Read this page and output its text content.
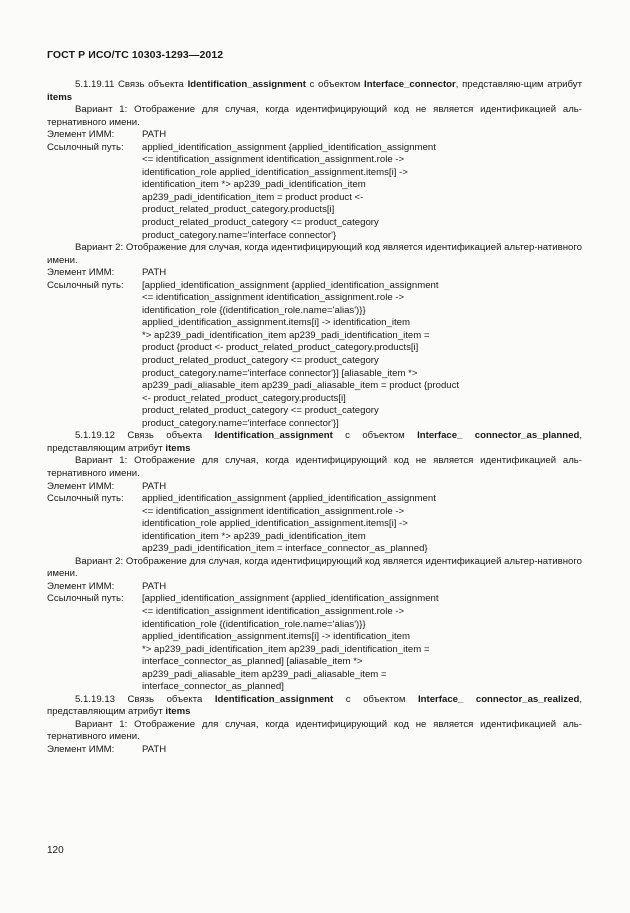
ГОСТ Р ИСО/ТС 10303-1293—2012

5.1.19.11 Связь объекта Identification_assignment с объектом Interface_connector, представляю-щим атрибут items

Вариант 1: Отображение для случая, когда идентифицирующий код не является идентификацией аль-тернативного имени.

Элемент ИММ:	PATH
Ссылочный путь:	applied_identification_assignment {applied_identification_assignment
<= identification_assignment identification_assignment.role ->
identification_role applied_identification_assignment.items[i] ->
identification_item *> ap239_padi_identification_item
ap239_padi_identification_item = product product <-
product_related_product_category.products[i]
product_related_product_category <= product_category
product_category.name='interface connector'}

Вариант 2: Отображение для случая, когда идентифицирующий код является идентификацией альтер-нативного имени.

Элемент ИММ:	PATH
Ссылочный путь:	[applied_identification_assignment {applied_identification_assignment
<= identification_assignment identification_assignment.role ->
identification_role {(identification_role.name='alias')}}
applied_identification_assignment.items[i] -> identification_item
*> ap239_padi_identification_item ap239_padi_identification_item =
product {product <- product_related_product_category.products[i]
product_related_product_category <= product_category
product_category.name='interface connector'}] [aliasable_item *>
ap239_padi_aliasable_item ap239_padi_aliasable_item = product {product
<- product_related_product_category.products[i]
product_related_product_category <= product_category
product_category.name='interface connector'}]

5.1.19.12 Связь объекта Identification_assignment с объектом Interface_ connector_as_planned, представляющим атрибут items

Вариант 1: Отображение для случая, когда идентифицирующий код не является идентификацией аль-тернативного имени.

Элемент ИММ:	PATH
Ссылочный путь:	applied_identification_assignment {applied_identification_assignment
<= identification_assignment identification_assignment.role ->
identification_role applied_identification_assignment.items[i] ->
identification_item *> ap239_padi_identification_item
ap239_padi_identification_item = interface_connector_as_planned}

Вариант 2: Отображение для случая, когда идентифицирующий код является идентификацией альтер-нативного имени.

Элемент ИММ:	PATH
Ссылочный путь:	[applied_identification_assignment {applied_identification_assignment
<= identification_assignment identification_assignment.role ->
identification_role {(identification_role.name='alias')}}
applied_identification_assignment.items[i] -> identification_item
*> ap239_padi_identification_item ap239_padi_identification_item =
interface_connector_as_planned] [aliasable_item *>
ap239_padi_aliasable_item ap239_padi_aliasable_item =
interface_connector_as_planned]

5.1.19.13 Связь объекта Identification_assignment с объектом Interface_ connector_as_realized, представляющим атрибут items

Вариант 1: Отображение для случая, когда идентифицирующий код не является идентификацией аль-тернативного имени.

Элемент ИММ:	PATH
120
